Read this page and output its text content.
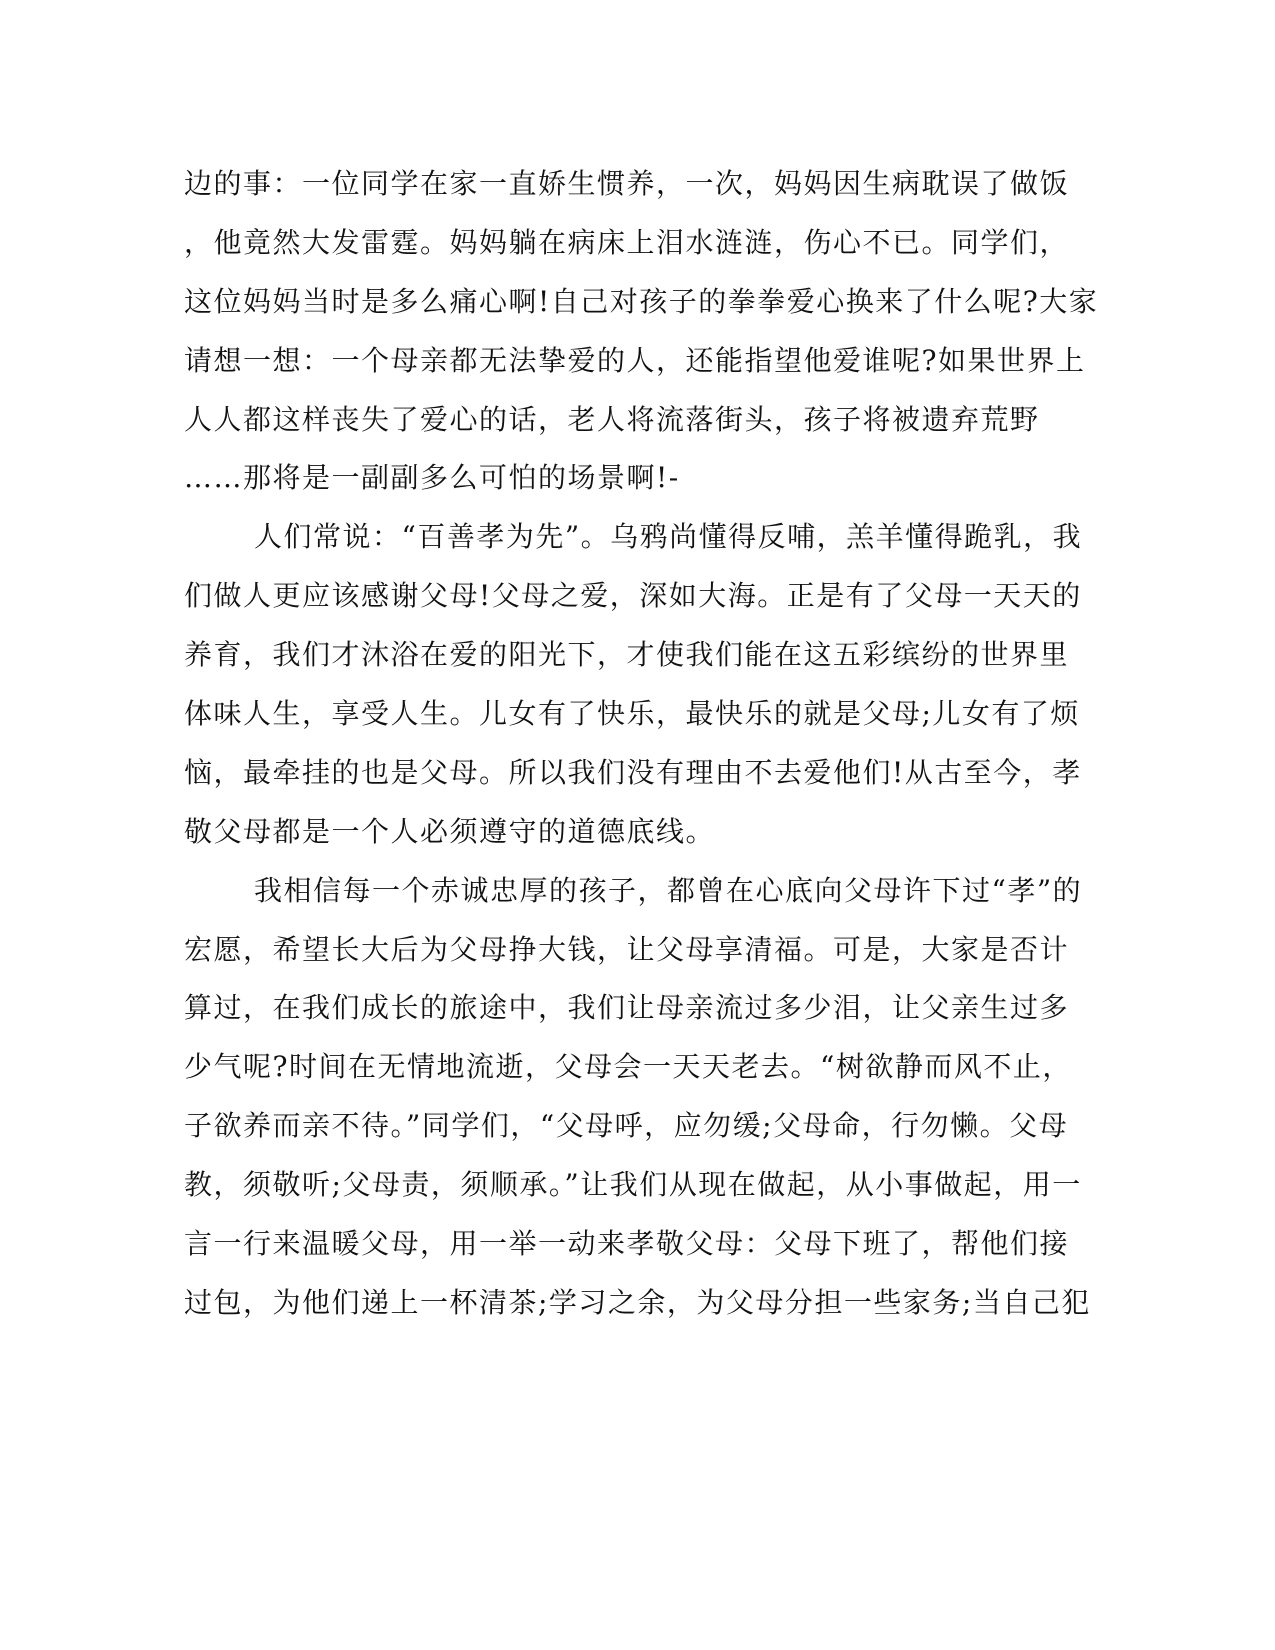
边的事：一位同学在家一直娇生惯养，一次，妈妈因生病耽误了做饭
，他竟然大发雷霆。妈妈躺在病床上泪水涟涟，伤心不已。同学们，
这位妈妈当时是多么痛心啊!自己对孩子的拳拳爱心换来了什么呢?大家
请想一想：一个母亲都无法挚爱的人，还能指望他爱谁呢?如果世界上
人人都这样丧失了爱心的话，老人将流落街头，孩子将被遗弃荒野
……那将是一副副多么可怕的场景啊!-
人们常说：“百善孝为先”。乌鸦尚懂得反哺，羔羊懂得跪乳，我
们做人更应该感谢父母!父母之爱，深如大海。正是有了父母一天天的
养育，我们才沐浴在爱的阳光下，才使我们能在这五彩缤纷的世界里
体味人生，享受人生。儿女有了快乐，最快乐的就是父母;儿女有了烦
恼，最牵挂的也是父母。所以我们没有理由不去爱他们!从古至今，孝
敬父母都是一个人必须遵守的道德底线。
我相信每一个赤诚忠厚的孩子，都曾在心底向父母许下过“孝”的
宏愿，希望长大后为父母挣大钱，让父母享清福。可是，大家是否计
算过，在我们成长的旅途中，我们让母亲流过多少泪，让父亲生过多
少气呢?时间在无情地流逝，父母会一天天老去。“树欲静而风不止，
子欲养而亲不待。”同学们，“父母呼，应勿缓;父母命，行勿懒。父母
教，须敬听;父母责，须顺承。”让我们从现在做起，从小事做起，用一
言一行来温暖父母，用一举一动来孝敬父母：父母下班了，帮他们接
过包，为他们递上一杯清茶;学习之余，为父母分担一些家务;当自己犯
